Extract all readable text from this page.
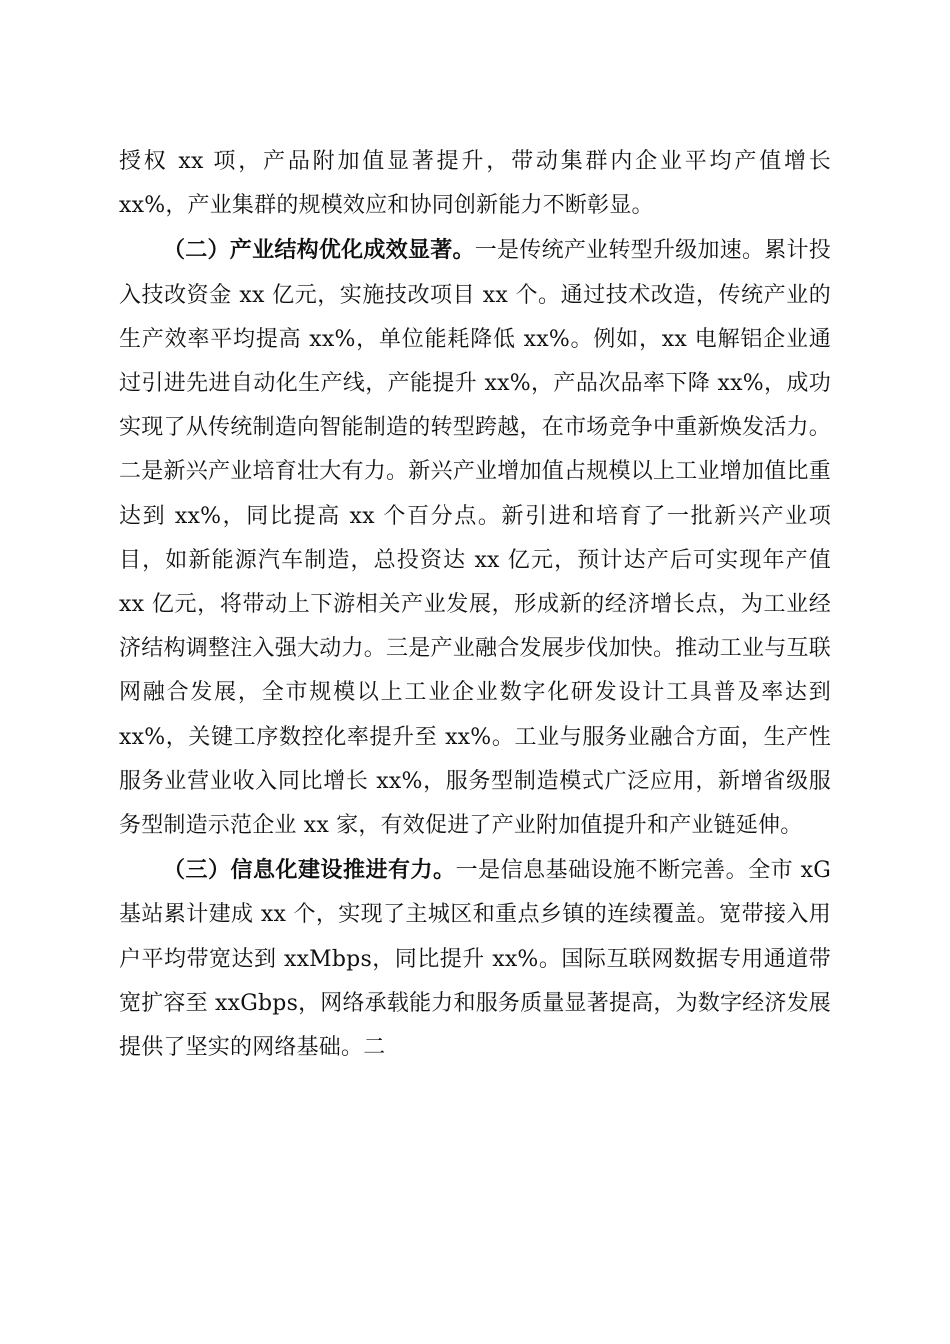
授权 xx 项，产品附加值显著提升，带动集群内企业平均产值增长 xx%，产业集群的规模效应和协同创新能力不断彰显。

（二）产业结构优化成效显著。一是传统产业转型升级加速。累计投入技改资金 xx 亿元，实施技改项目 xx 个。通过技术改造，传统产业的生产效率平均提高 xx%，单位能耗降低 xx%。例如，xx 电解铝企业通过引进先进自动化生产线，产能提升 xx%，产品次品率下降 xx%，成功实现了从传统制造向智能制造的转型跨越，在市场竞争中重新焕发活力。二是新兴产业培育壮大有力。新兴产业增加值占规模以上工业增加值比重达到 xx%，同比提高 xx 个百分点。新引进和培育了一批新兴产业项目，如新能源汽车制造，总投资达 xx 亿元，预计达产后可实现年产值 xx 亿元，将带动上下游相关产业发展，形成新的经济增长点，为工业经济结构调整注入强大动力。三是产业融合发展步伐加快。推动工业与互联网融合发展，全市规模以上工业企业数字化研发设计工具普及率达到 xx%，关键工序数控化率提升至 xx%。工业与服务业融合方面，生产性服务业营业收入同比增长 xx%，服务型制造模式广泛应用，新增省级服务型制造示范企业 xx 家，有效促进了产业附加值提升和产业链延伸。

（三）信息化建设推进有力。一是信息基础设施不断完善。全市 xG 基站累计建成 xx 个，实现了主城区和重点乡镇的连续覆盖。宽带接入用户平均带宽达到 xxMbps，同比提升 xx%。国际互联网数据专用通道带宽扩容至 xxGbps，网络承载能力和服务质量显著提高，为数字经济发展提供了坚实的网络基础。二
